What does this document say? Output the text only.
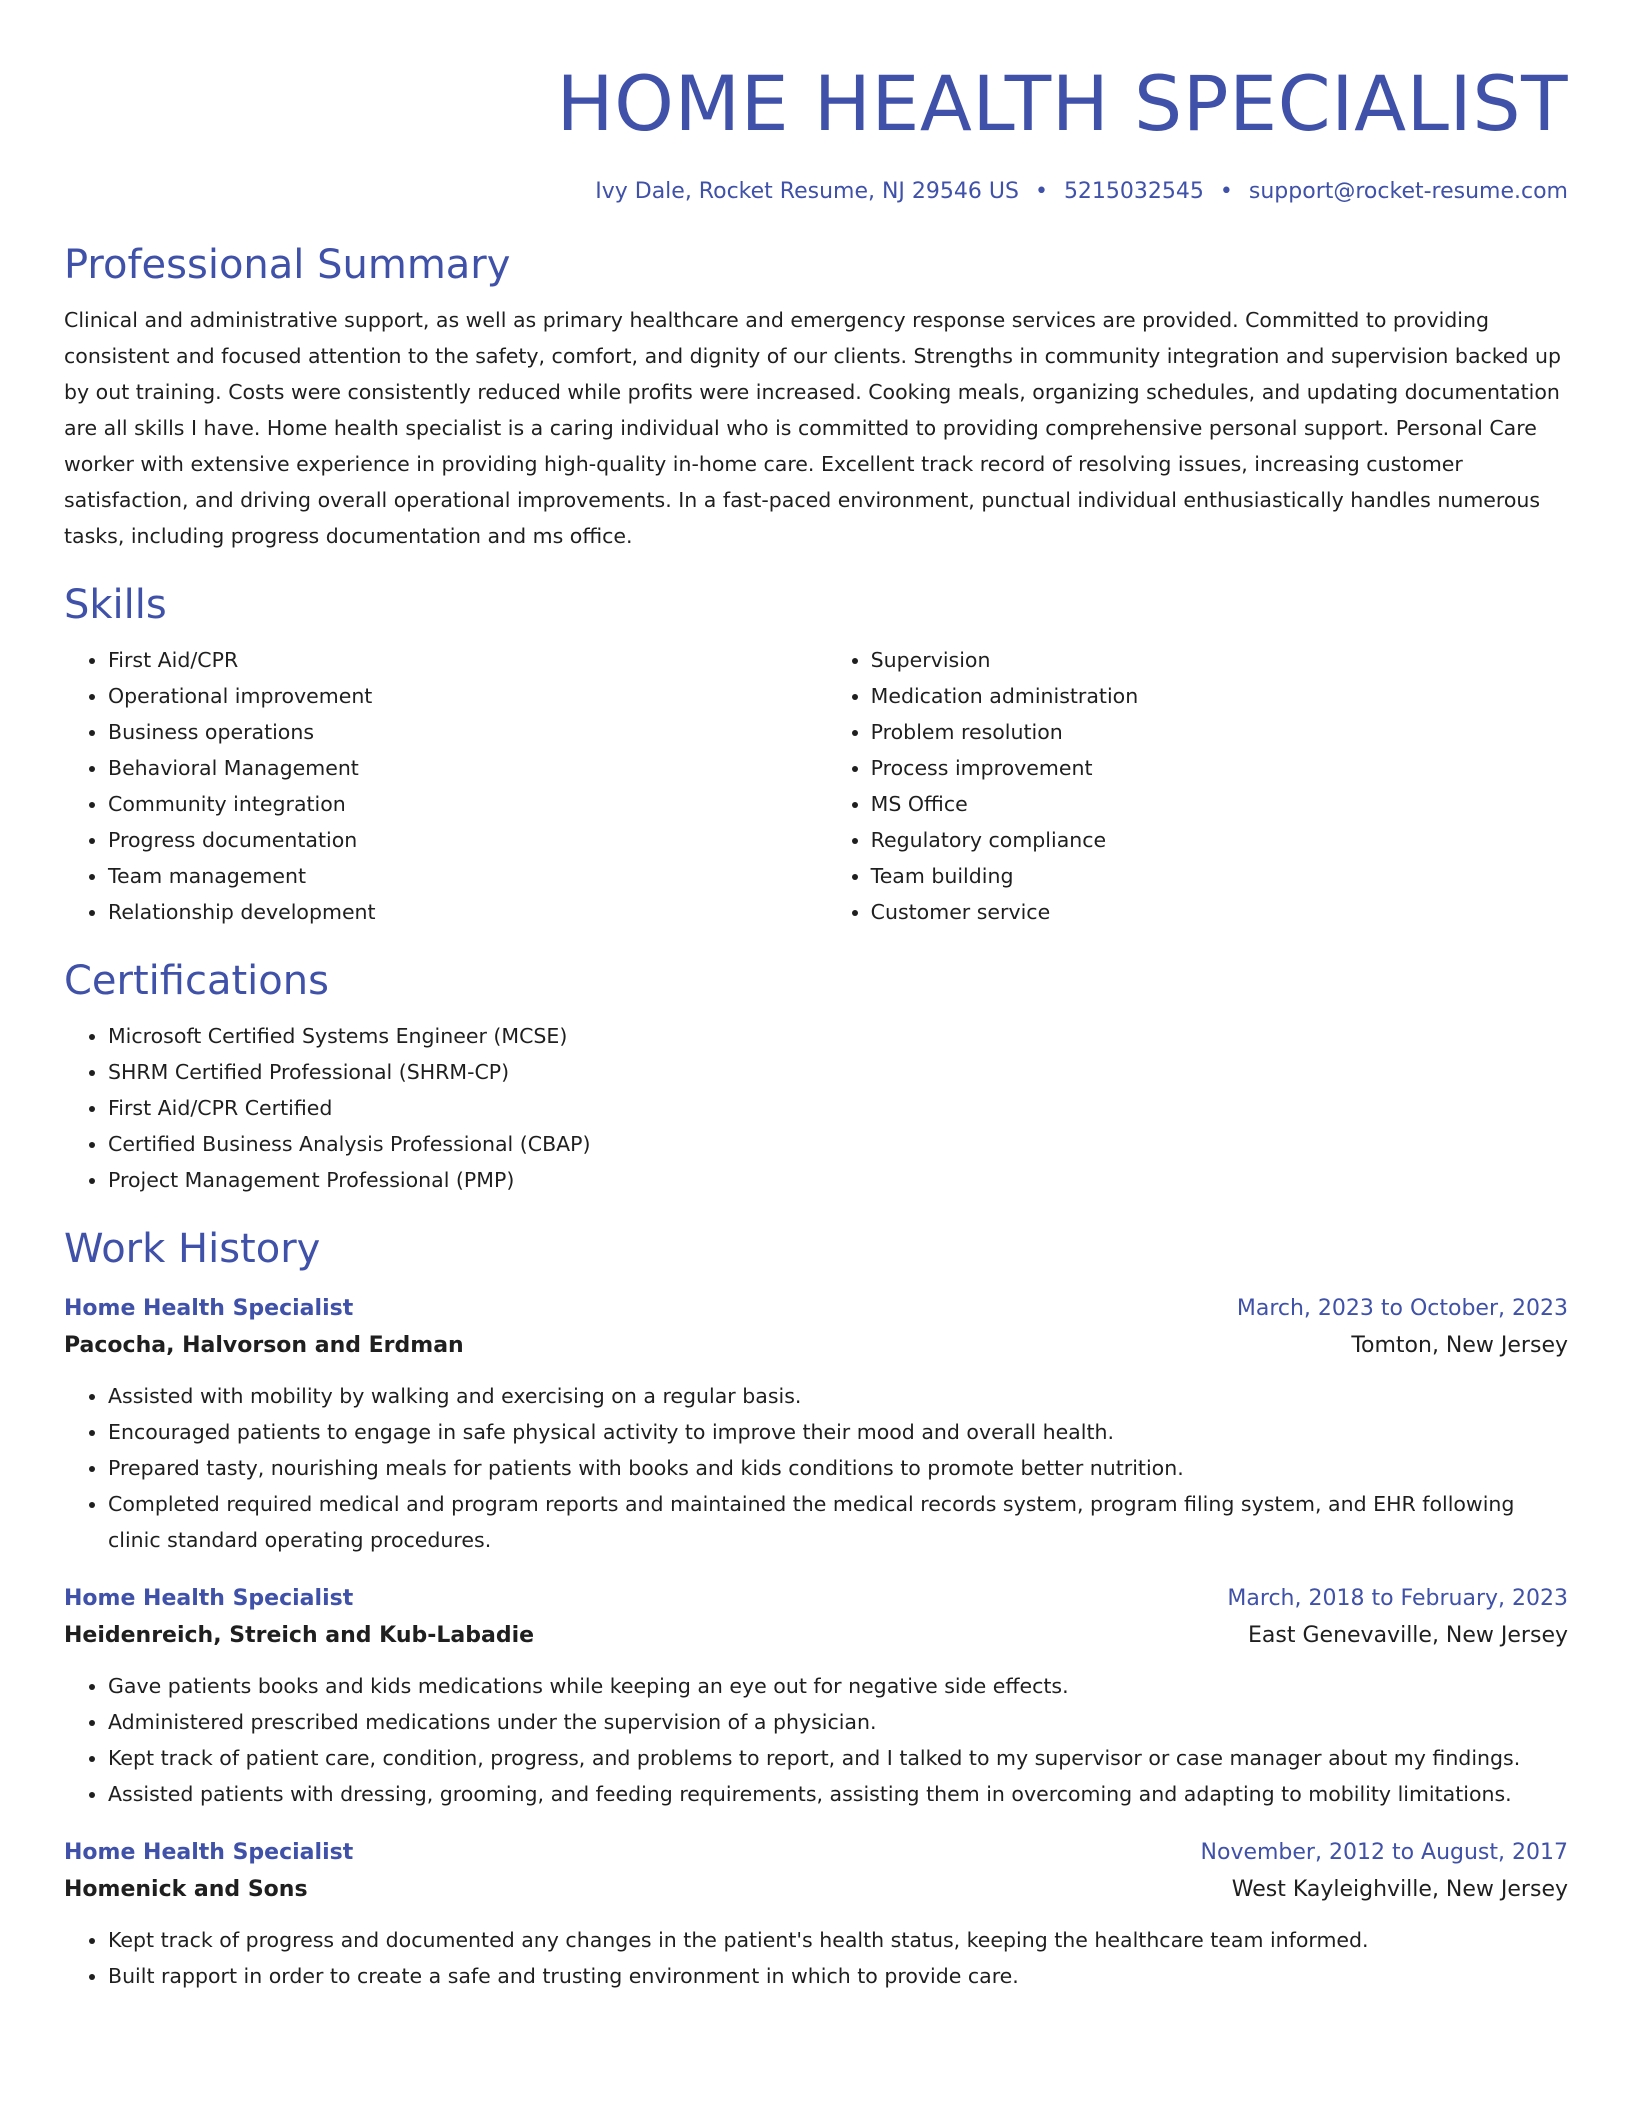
HOME HEALTH SPECIALIST
Ivy Dale, Rocket Resume, NJ 29546 US • 5215032545 • support@rocket-resume.com
Professional Summary
Clinical and administrative support, as well as primary healthcare and emergency response services are provided. Committed to providing consistent and focused attention to the safety, comfort, and dignity of our clients. Strengths in community integration and supervision backed up by out training. Costs were consistently reduced while profits were increased. Cooking meals, organizing schedules, and updating documentation are all skills I have. Home health specialist is a caring individual who is committed to providing comprehensive personal support. Personal Care worker with extensive experience in providing high-quality in-home care. Excellent track record of resolving issues, increasing customer satisfaction, and driving overall operational improvements. In a fast-paced environment, punctual individual enthusiastically handles numerous tasks, including progress documentation and ms office.
Skills
• First Aid/CPR
• Operational improvement
• Business operations
• Behavioral Management
• Community integration
• Progress documentation
• Team management
• Relationship development
• Supervision
• Medication administration
• Problem resolution
• Process improvement
• MS Office
• Regulatory compliance
• Team building
• Customer service
Certifications
• Microsoft Certified Systems Engineer (MCSE)
• SHRM Certified Professional (SHRM-CP)
• First Aid/CPR Certified
• Certified Business Analysis Professional (CBAP)
• Project Management Professional (PMP)
Work History
Home Health Specialist	March, 2023 to October, 2023
Pacocha, Halvorson and Erdman	Tomton, New Jersey
• Assisted with mobility by walking and exercising on a regular basis.
• Encouraged patients to engage in safe physical activity to improve their mood and overall health.
• Prepared tasty, nourishing meals for patients with books and kids conditions to promote better nutrition.
• Completed required medical and program reports and maintained the medical records system, program filing system, and EHR following clinic standard operating procedures.
Home Health Specialist	March, 2018 to February, 2023
Heidenreich, Streich and Kub-Labadie	East Genevaville, New Jersey
• Gave patients books and kids medications while keeping an eye out for negative side effects.
• Administered prescribed medications under the supervision of a physician.
• Kept track of patient care, condition, progress, and problems to report, and I talked to my supervisor or case manager about my findings.
• Assisted patients with dressing, grooming, and feeding requirements, assisting them in overcoming and adapting to mobility limitations.
Home Health Specialist	November, 2012 to August, 2017
Homenick and Sons	West Kayleighville, New Jersey
• Kept track of progress and documented any changes in the patient's health status, keeping the healthcare team informed.
• Built rapport in order to create a safe and trusting environment in which to provide care.
